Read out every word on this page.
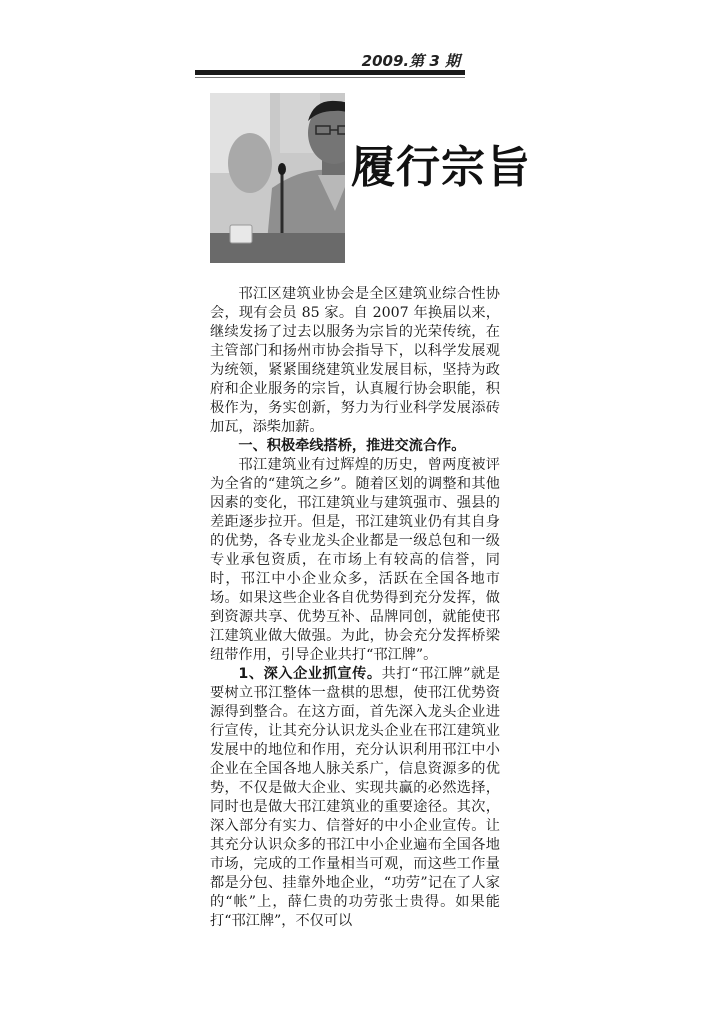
2009.第 3 期
履行宗旨

邗江区建筑业协会是全区建筑业综合性协会，现有会员 85 家。自 2007 年换届以来，继续发扬了过去以服务为宗旨的光荣传统，在主管部门和扬州市协会指导下，以科学发展观为统领，紧紧围绕建筑业发展目标，坚持为政府和企业服务的宗旨，认真履行协会职能，积极作为，务实创新，努力为行业科学发展添砖加瓦，添柴加薪。

一、积极牵线搭桥，推进交流合作。

邗江建筑业有过辉煌的历史，曾两度被评为全省的“建筑之乡”。随着区划的调整和其他因素的变化，邗江建筑业与建筑强市、强县的差距逐步拉开。但是，邗江建筑业仍有其自身的优势，各专业龙头企业都是一级总包和一级专业承包资质，在市场上有较高的信誉，同时，邗江中小企业众多，活跃在全国各地市场。如果这些企业各自优势得到充分发挥，做到资源共享、优势互补、品牌同创，就能使邗江建筑业做大做强。为此，协会充分发挥桥梁纽带作用，引导企业共打“邗江牌”。

1、深入企业抓宣传。共打“邗江牌”就是要树立邗江整体一盘棋的思想，使邗江优势资源得到整合。在这方面，首先深入龙头企业进行宣传，让其充分认识龙头企业在邗江建筑业发展中的地位和作用，充分认识利用邗江中小企业在全国各地人脉关系广，信息资源多的优势，不仅是做大企业、实现共赢的必然选择，同时也是做大邗江建筑业的重要途径。其次，深入部分有实力、信誉好的中小企业宣传。让其充分认识众多的邗江中小企业遍布全国各地市场，完成的工作量相当可观，而这些工作量都是分包、挂靠外地企业，“功劳”记在了人家的“帐”上，薛仁贵的功劳张士贵得。如果能打“邗江牌”，不仅可以
